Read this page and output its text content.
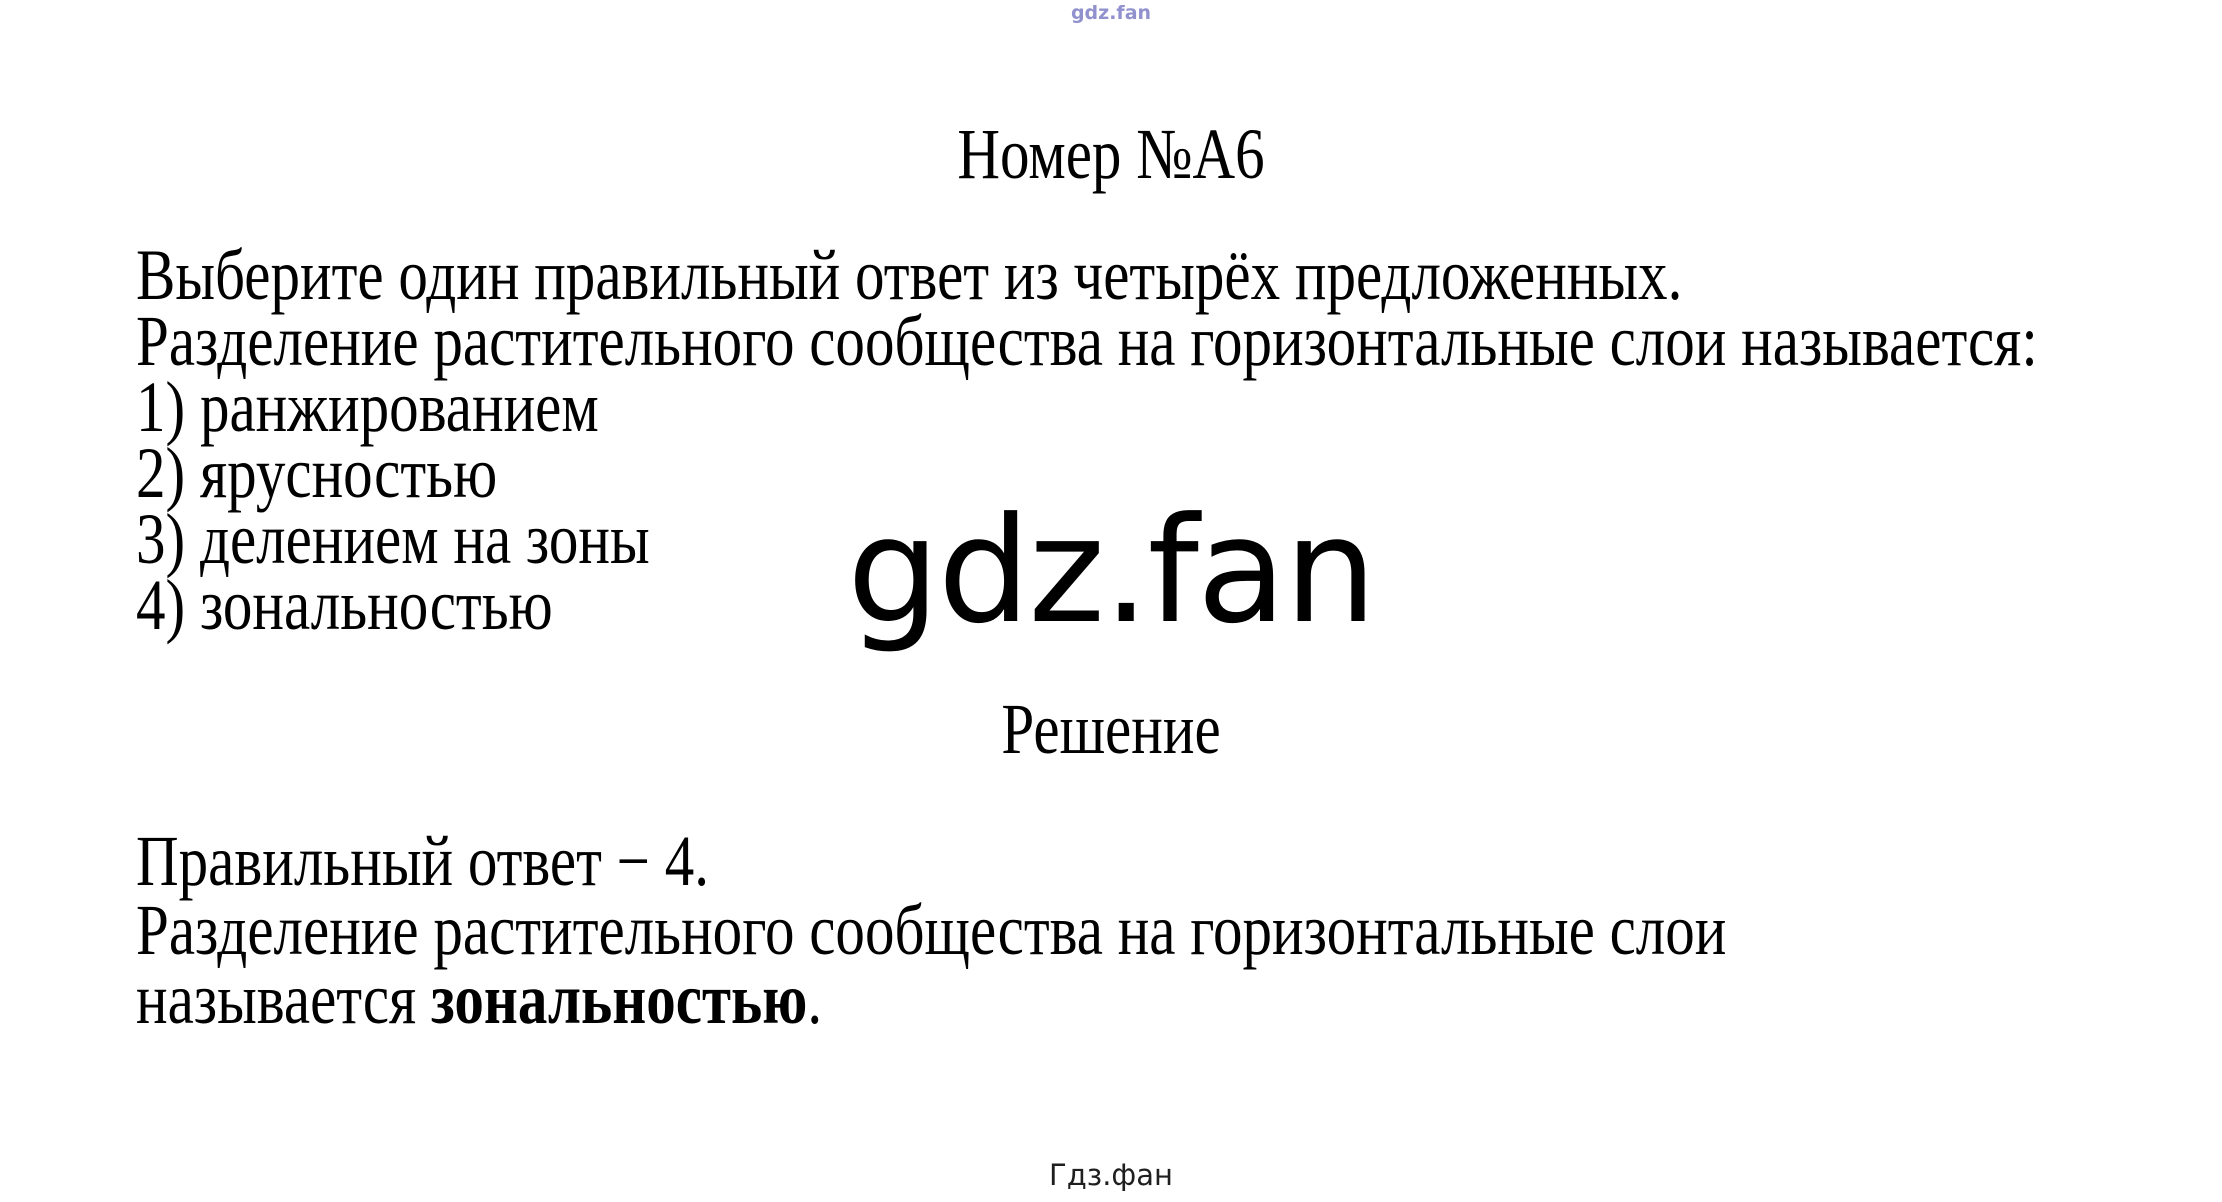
gdz.fan
Номер №А6
Выберите один правильный ответ из четырёх предложенных.
Разделение растительного сообщества на горизонтальные слои называется:
1) ранжированием
2) ярусностью
3) делением на зоны
4) зональностью	gdz.fan
Решение
Правильный ответ − 4.
Разделение растительного сообщества на горизонтальные слои
называется зональностью.
Гдз.фан
